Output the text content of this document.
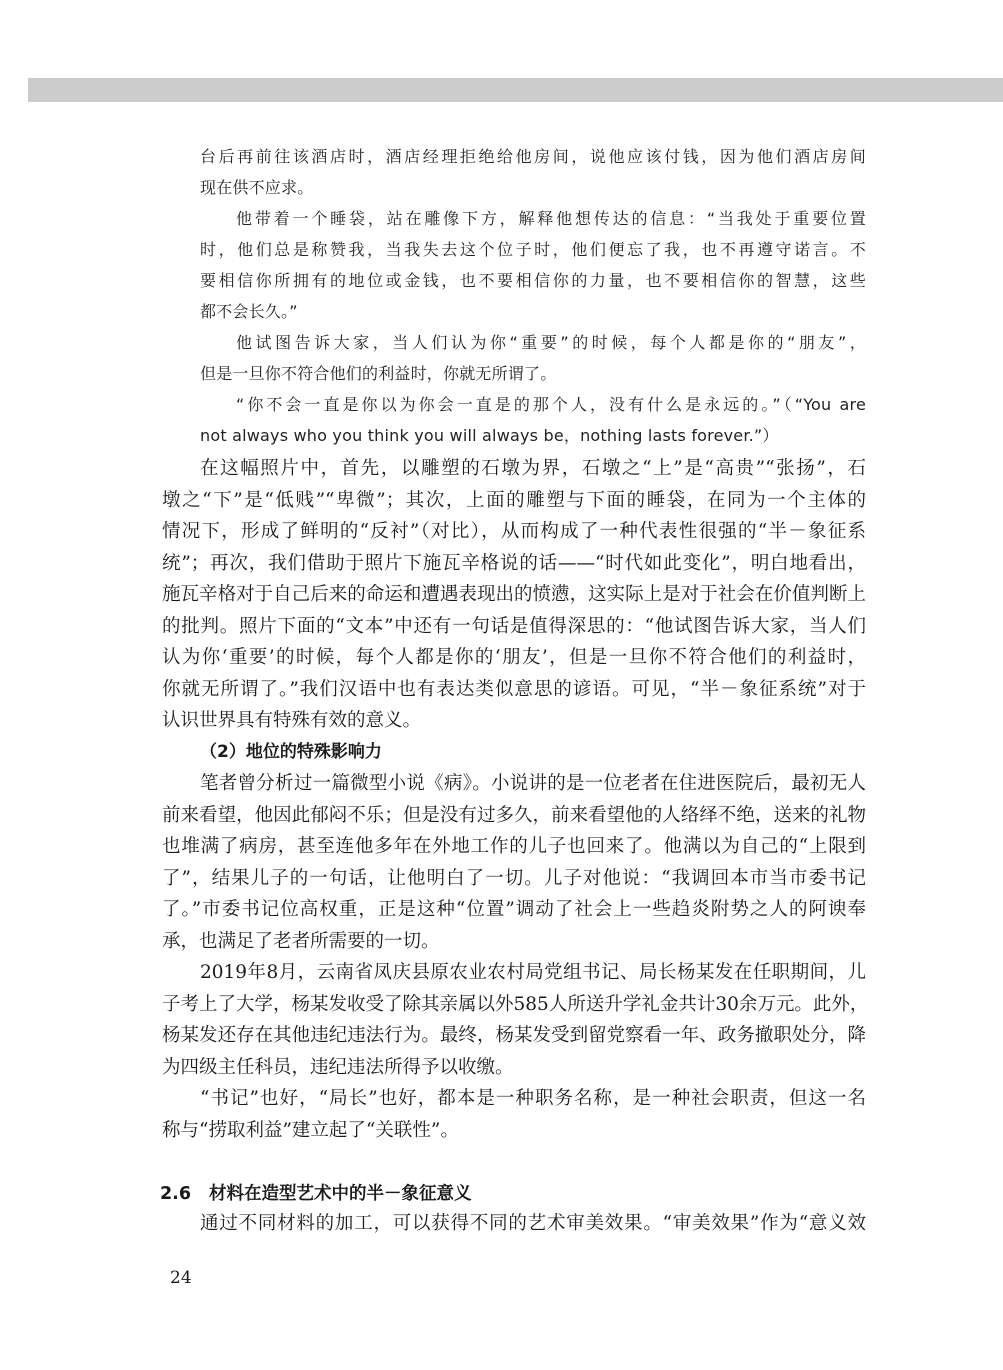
台后再前往该酒店时，酒店经理拒绝给他房间，说他应该付钱，因为他们酒店房间
现在供不应求。
他带着一个睡袋，站在雕像下方，解释他想传达的信息：“当我处于重要位置
时，他们总是称赞我，当我失去这个位子时，他们便忘了我，也不再遵守诺言。不
要相信你所拥有的地位或金钱，也不要相信你的力量，也不要相信你的智慧，这些
都不会长久。”
他试图告诉大家，当人们认为你“重要”的时候，每个人都是你的“朋友”，
但是一旦你不符合他们的利益时，你就无所谓了。
“你不会一直是你以为你会一直是的那个人，没有什么是永远的。”（“You are
not always who you think you will always be，nothing lasts forever.”）
在这幅照片中，首先，以雕塑的石墩为界，石墩之“上”是“高贵”“张扬”，石
墩之“下”是“低贱”“卑微”；其次，上面的雕塑与下面的睡袋，在同为一个主体的
情况下，形成了鲜明的“反衬”（对比），从而构成了一种代表性很强的“半－象征系
统”；再次，我们借助于照片下施瓦辛格说的话——“时代如此变化”，明白地看出，
施瓦辛格对于自己后来的命运和遭遇表现出的愤懑，这实际上是对于社会在价值判断上
的批判。照片下面的“文本”中还有一句话是值得深思的：“他试图告诉大家，当人们
认为你‘重要’的时候，每个人都是你的‘朋友’，但是一旦你不符合他们的利益时，
你就无所谓了。”我们汉语中也有表达类似意思的谚语。可见，“半－象征系统”对于
认识世界具有特殊有效的意义。
（2）地位的特殊影响力
笔者曾分析过一篇微型小说《病》。小说讲的是一位老者在住进医院后，最初无人
前来看望，他因此郁闷不乐；但是没有过多久，前来看望他的人络绎不绝，送来的礼物
也堆满了病房，甚至连他多年在外地工作的儿子也回来了。他满以为自己的“上限到
了”，结果儿子的一句话，让他明白了一切。儿子对他说：“我调回本市当市委书记
了。”市委书记位高权重，正是这种“位置”调动了社会上一些趋炎附势之人的阿谀奉
承，也满足了老者所需要的一切。
2019年8月，云南省凤庆县原农业农村局党组书记、局长杨某发在任职期间，儿
子考上了大学，杨某发收受了除其亲属以外585人所送升学礼金共计30余万元。此外，
杨某发还存在其他违纪违法行为。最终，杨某发受到留党察看一年、政务撤职处分，降
为四级主任科员，违纪违法所得予以收缴。
“书记”也好，“局长”也好，都本是一种职务名称，是一种社会职责，但这一名
称与“捞取利益”建立起了“关联性”。
2.6 材料在造型艺术中的半－象征意义
通过不同材料的加工，可以获得不同的艺术审美效果。“审美效果”作为“意义效
24
